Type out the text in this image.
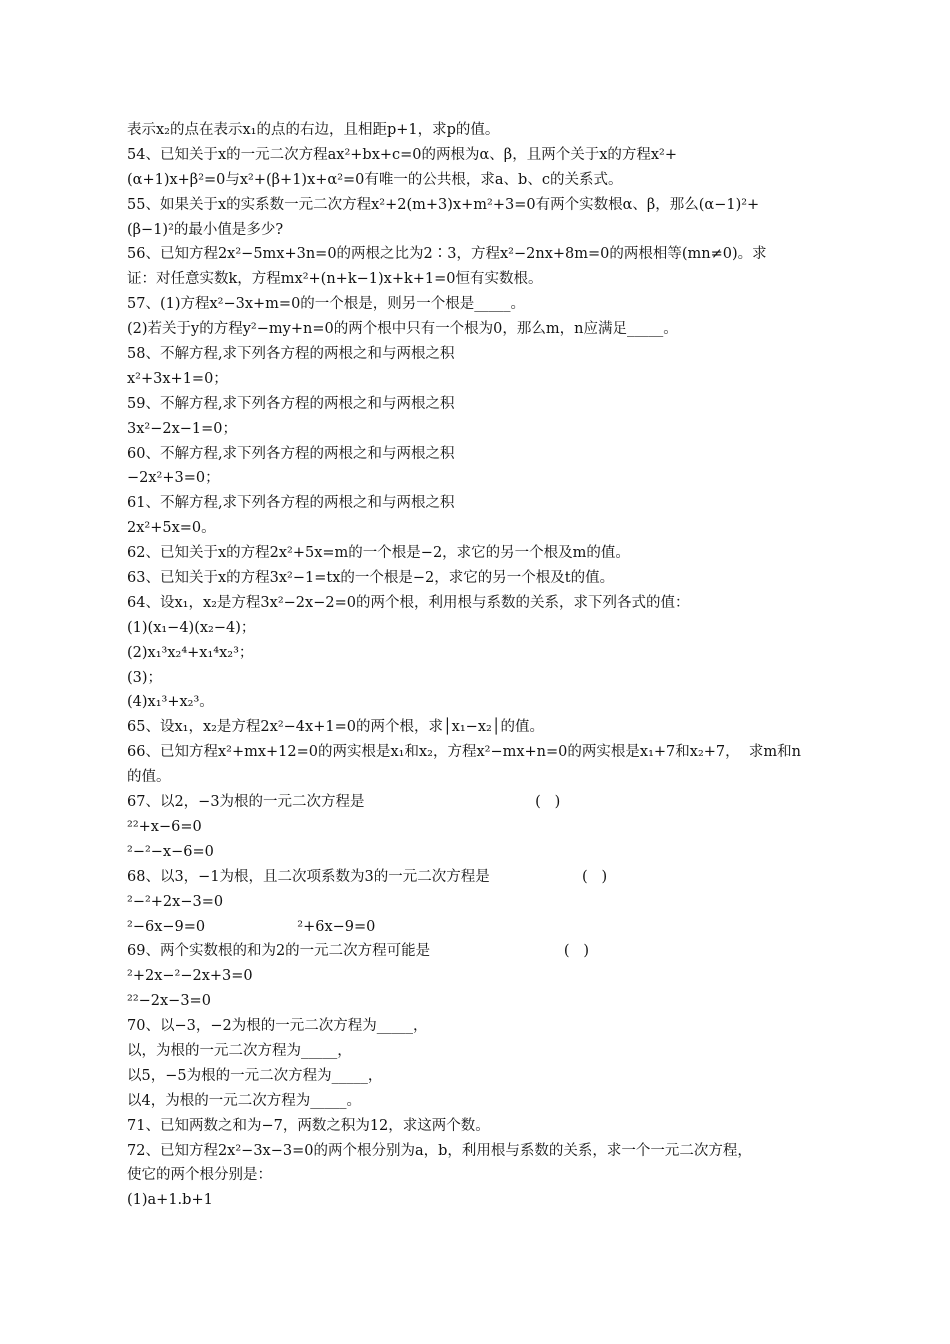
表示x₂的点在表示x₁的点的右边，且相距p+1，求p的值。
54、已知关于x的一元二次方程ax²+bx+c=0的两根为α、β，且两个关于x的方程x²+
(α+1)x+β²=0与x²+(β+1)x+α²=0有唯一的公共根，求a、b、c的关系式。
55、如果关于x的实系数一元二次方程x²+2(m+3)x+m²+3=0有两个实数根α、β，那么(α−1)²+
(β−1)²的最小值是多少?
56、已知方程2x²−5mx+3n=0的两根之比为2∶3，方程x²−2nx+8m=0的两根相等(mn≠0)。求
证：对任意实数k，方程mx²+(n+k−1)x+k+1=0恒有实数根。
57、(1)方程x²−3x+m=0的一个根是，则另一个根是_____。
(2)若关于y的方程y²−my+n=0的两个根中只有一个根为0，那么m，n应满足_____。
58、不解方程,求下列各方程的两根之和与两根之积
x²+3x+1=0；
59、不解方程,求下列各方程的两根之和与两根之积
3x²−2x−1=0；
60、不解方程,求下列各方程的两根之和与两根之积
−2x²+3=0；
61、不解方程,求下列各方程的两根之和与两根之积
2x²+5x=0。
62、已知关于x的方程2x²+5x=m的一个根是−2，求它的另一个根及m的值。
63、已知关于x的方程3x²−1=tx的一个根是−2，求它的另一个根及t的值。
64、设x₁，x₂是方程3x²−2x−2=0的两个根，利用根与系数的关系，求下列各式的值：
(1)(x₁−4)(x₂−4)；
(2)x₁³x₂⁴+x₁⁴x₂³；
(3)；
(4)x₁³+x₂³。
65、设x₁，x₂是方程2x²−4x+1=0的两个根，求│x₁−x₂│的值。
66、已知方程x²+mx+12=0的两实根是x₁和x₂，方程x²−mx+n=0的两实根是x₁+7和x₂+7，  求m和n
的值。
67、以2，−3为根的一元二次方程是                                     (   )
²²+x−6=0
²−²−x−6=0
68、以3，−1为根，且二次项系数为3的一元二次方程是                    (   )
²−²+2x−3=0
²−6x−9=0                    ²+6x−9=0
69、两个实数根的和为2的一元二次方程可能是                             (   )
²+2x−²−2x+3=0
²²−2x−3=0
70、以−3，−2为根的一元二次方程为_____，
以，为根的一元二次方程为_____，
以5，−5为根的一元二次方程为_____，
以4，为根的一元二次方程为_____。
71、已知两数之和为−7，两数之积为12，求这两个数。
72、已知方程2x²−3x−3=0的两个根分别为a，b，利用根与系数的关系，求一个一元二次方程，
使它的两个根分别是：
(1)a+1.b+1
